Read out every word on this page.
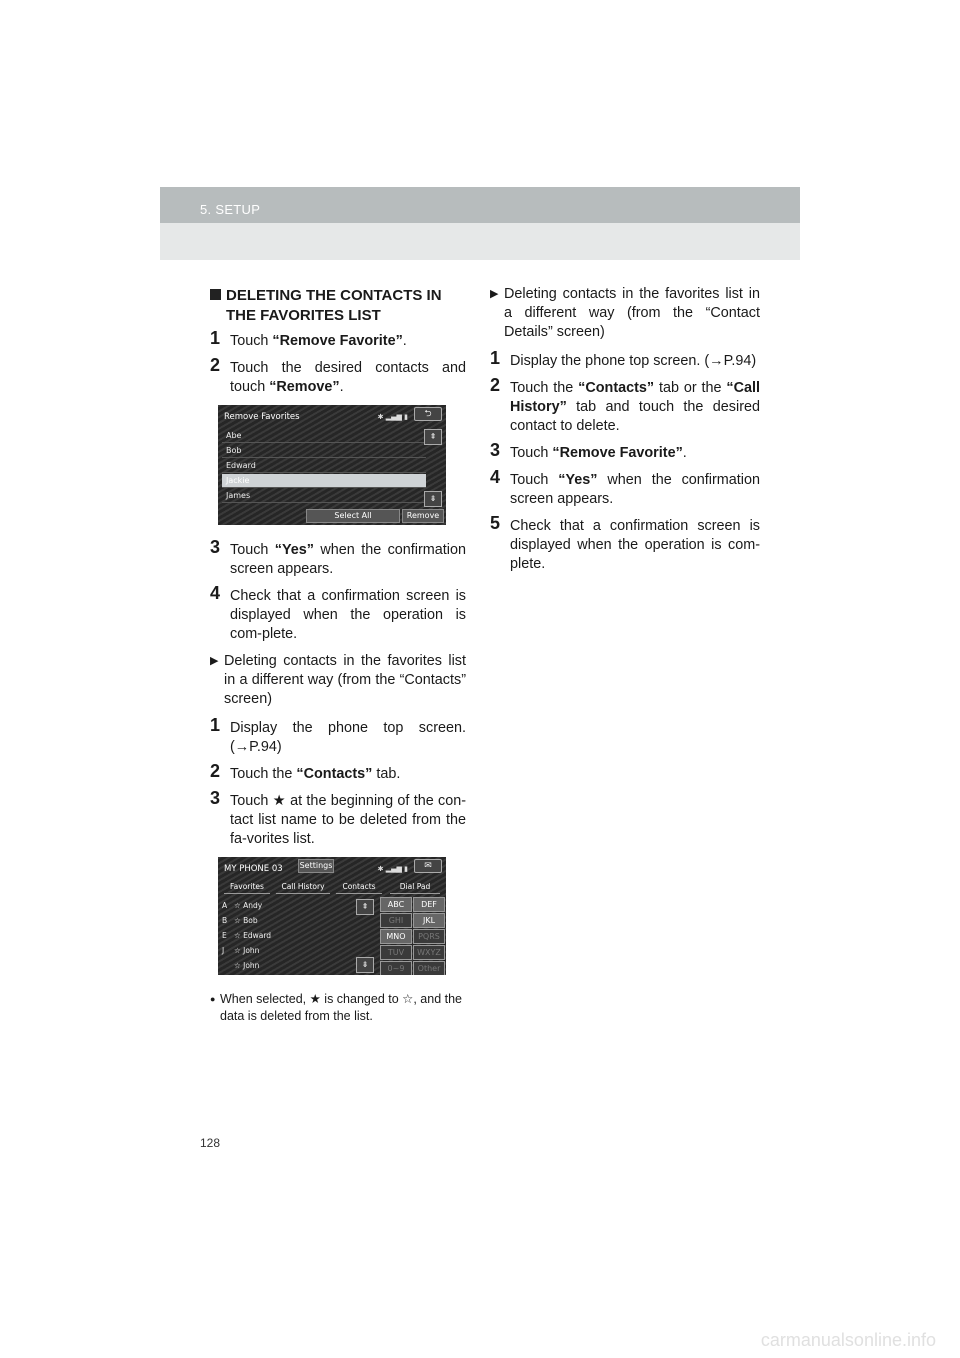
5. SETUP
DELETING THE CONTACTS IN THE FAVORITES LIST
1 Touch “Remove Favorite”.
2 Touch the desired contacts and touch “Remove”.
Remove Favorites	✱ ▂▄▆ ▮	⮌
Abe
Bob
Edward
Jackie
James
⇞
⇟
Select All	Remove
3 Touch “Yes” when the confirmation screen appears.
4 Check that a confirmation screen is displayed when the operation is com-plete.
▶ Deleting contacts in the favorites list in a different way (from the “Contacts” screen)
1 Display the phone top screen. (→P.94)
2 Touch the “Contacts” tab.
3 Touch ★ at the beginning of the con-tact list name to be deleted from the fa-vorites list.
MY PHONE 03 Settings	✱ ▂▄▆ ▮	✉
Favorites	Call History	Contacts	Dial Pad
A ☆ Andy
B ☆ Bob
E ☆ Edward
J ☆ John
☆ John
⇞
⇟
ABC	DEF
GHI	JKL
MNO	PQRS
TUV	WXYZ
0~9	Other
● When selected, ★ is changed to ☆, and the data is deleted from the list.
▶ Deleting contacts in the favorites list in a different way (from the “Contact Details” screen)
1 Display the phone top screen. (→P.94)
2 Touch the “Contacts” tab or the “Call History” tab and touch the desired contact to delete.
3 Touch “Remove Favorite”.
4 Touch “Yes” when the confirmation screen appears.
5 Check that a confirmation screen is displayed when the operation is com-plete.
128
carmanualsonline.info
